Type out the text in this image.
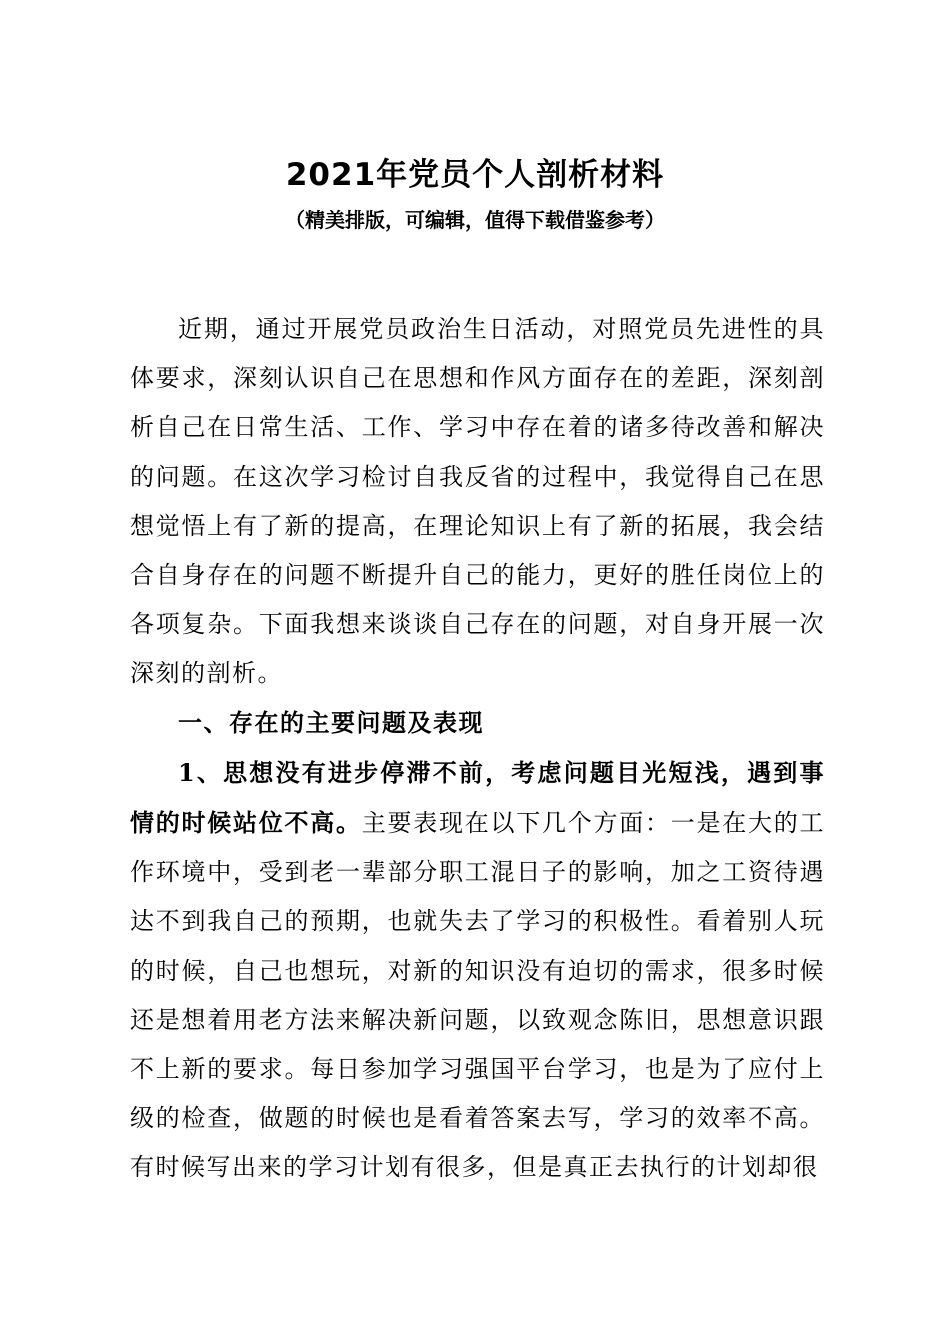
2021年党员个人剖析材料
（精美排版，可编辑，值得下载借鉴参考）

近期，通过开展党员政治生日活动，对照党员先进性的具体要求，深刻认识自己在思想和作风方面存在的差距，深刻剖析自己在日常生活、工作、学习中存在着的诸多待改善和解决的问题。在这次学习检讨自我反省的过程中，我觉得自己在思想觉悟上有了新的提高，在理论知识上有了新的拓展，我会结合自身存在的问题不断提升自己的能力，更好的胜任岗位上的各项复杂。下面我想来谈谈自己存在的问题，对自身开展一次深刻的剖析。

一、存在的主要问题及表现

1、思想没有进步停滞不前，考虑问题目光短浅，遇到事情的时候站位不高。主要表现在以下几个方面：一是在大的工作环境中，受到老一辈部分职工混日子的影响，加之工资待遇达不到我自己的预期，也就失去了学习的积极性。看着别人玩的时候，自己也想玩，对新的知识没有迫切的需求，很多时候还是想着用老方法来解决新问题，以致观念陈旧，思想意识跟不上新的要求。每日参加学习强国平台学习，也是为了应付上级的检查，做题的时候也是看着答案去写，学习的效率不高。有时候写出来的学习计划有很多，但是真正去执行的计划却很
